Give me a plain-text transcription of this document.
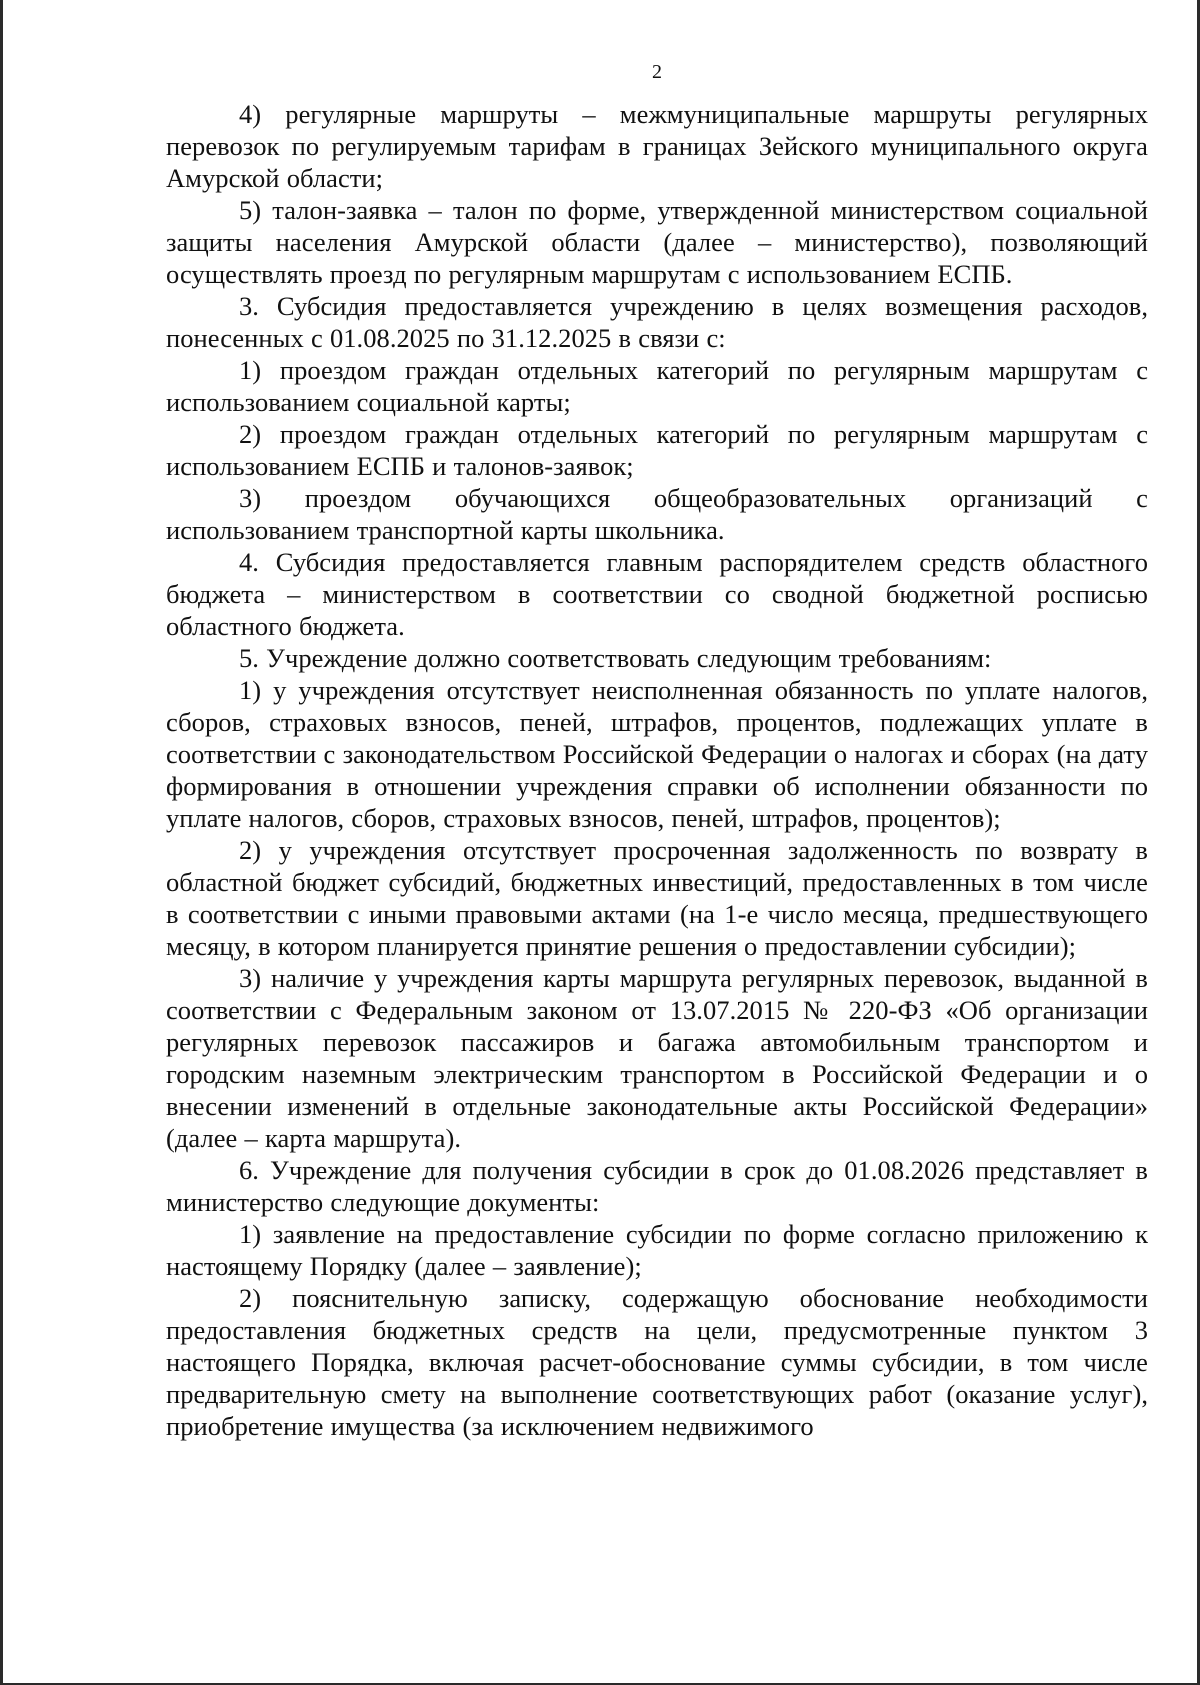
2

4) регулярные маршруты – межмуниципальные маршруты регулярных перевозок по регулируемым тарифам в границах Зейского муниципального округа Амурской области;

5) талон-заявка – талон по форме, утвержденной министерством социальной защиты населения Амурской области (далее – министерство), позволяющий осуществлять проезд по регулярным маршрутам с использованием ЕСПБ.

3. Субсидия предоставляется учреждению в целях возмещения расходов, понесенных с 01.08.2025 по 31.12.2025 в связи с:

1) проездом граждан отдельных категорий по регулярным маршрутам с использованием социальной карты;

2) проездом граждан отдельных категорий по регулярным маршрутам с использованием ЕСПБ и талонов-заявок;

3) проездом обучающихся общеобразовательных организаций с использованием транспортной карты школьника.

4. Субсидия предоставляется главным распорядителем средств областного бюджета – министерством в соответствии со сводной бюджетной росписью областного бюджета.

5. Учреждение должно соответствовать следующим требованиям:

1) у учреждения отсутствует неисполненная обязанность по уплате налогов, сборов, страховых взносов, пеней, штрафов, процентов, подлежащих уплате в соответствии с законодательством Российской Федерации о налогах и сборах (на дату формирования в отношении учреждения справки об исполнении обязанности по уплате налогов, сборов, страховых взносов, пеней, штрафов, процентов);

2) у учреждения отсутствует просроченная задолженность по возврату в областной бюджет субсидий, бюджетных инвестиций, предоставленных в том числе в соответствии с иными правовыми актами (на 1-е число месяца, предшествующего месяцу, в котором планируется принятие решения о предоставлении субсидии);

3) наличие у учреждения карты маршрута регулярных перевозок, выданной в соответствии с Федеральным законом от 13.07.2015 № 220-ФЗ «Об организации регулярных перевозок пассажиров и багажа автомобильным транспортом и городским наземным электрическим транспортом в Российской Федерации и о внесении изменений в отдельные законодательные акты Российской Федерации» (далее – карта маршрута).

6. Учреждение для получения субсидии в срок до 01.08.2026 представляет в министерство следующие документы:

1) заявление на предоставление субсидии по форме согласно приложению к настоящему Порядку (далее – заявление);

2) пояснительную записку, содержащую обоснование необходимости предоставления бюджетных средств на цели, предусмотренные пунктом 3 настоящего Порядка, включая расчет-обоснование суммы субсидии, в том числе предварительную смету на выполнение соответствующих работ (оказание услуг), приобретение имущества (за исключением недвижимого
